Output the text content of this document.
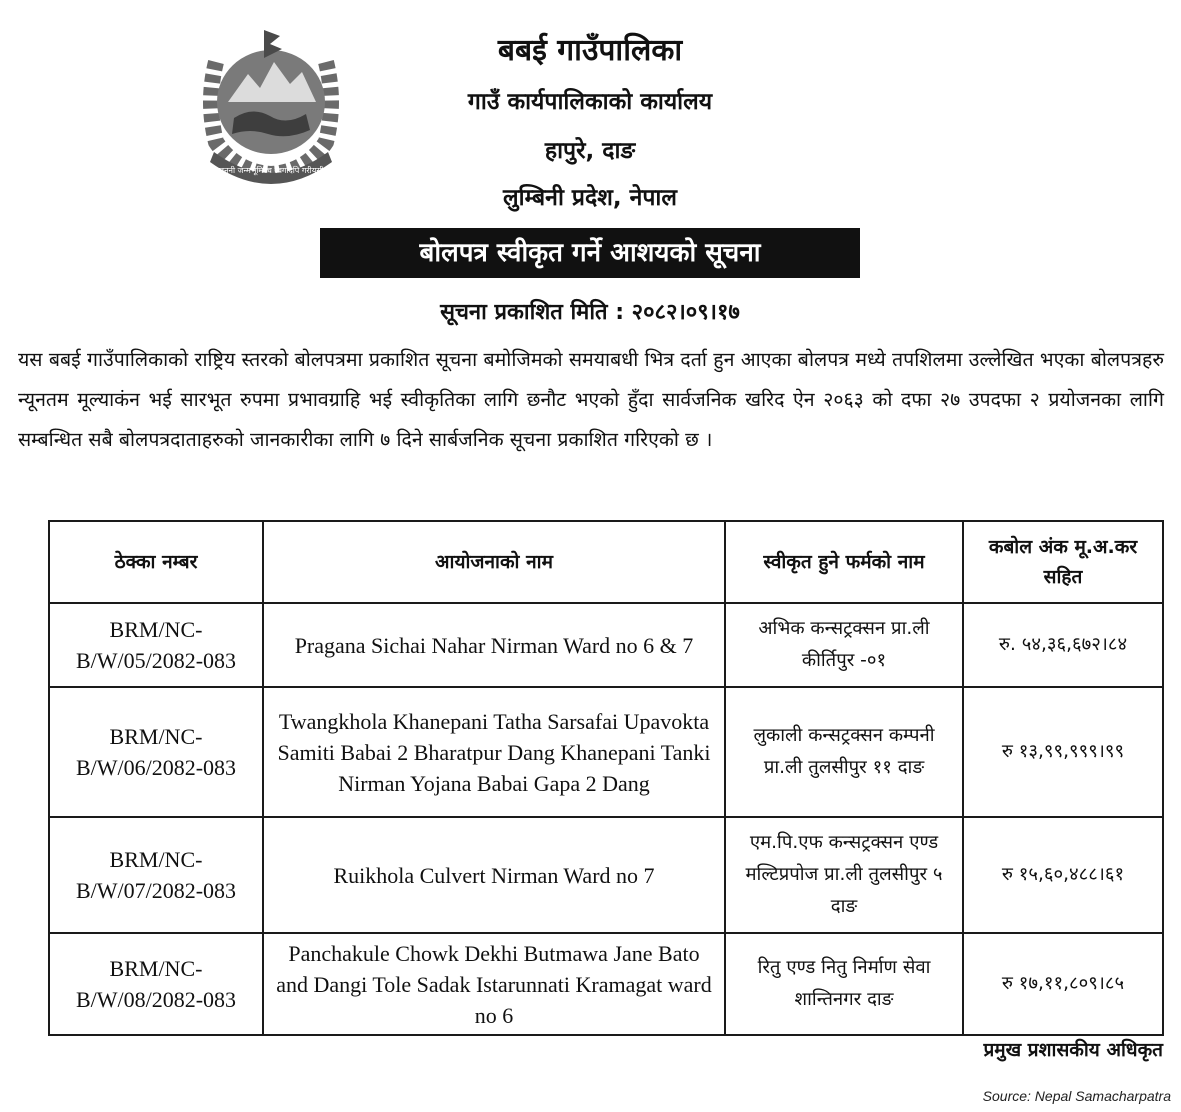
जननी जन्मभूमिश्च स्वर्गादपि गरीयसी
बबई गाउँपालिका
गाउँ कार्यपालिकाको कार्यालय
हापुरे, दाङ
लुम्बिनी प्रदेश, नेपाल
बोलपत्र स्वीकृत गर्ने आशयको सूचना
सूचना प्रकाशित मिति : २०८२।०९।१७
यस बबई गाउँपालिकाको राष्ट्रिय स्तरको बोलपत्रमा प्रकाशित सूचना बमोजिमको समयाबधी भित्र दर्ता हुन आएका बोलपत्र मध्ये तपशिलमा उल्लेखित भएका बोलपत्रहरु न्यूनतम मूल्याकंन भई सारभूत रुपमा प्रभावग्राहि भई स्वीकृतिका लागि छनौट भएको हुँदा सार्वजनिक खरिद ऐन २०६३ को दफा २७ उपदफा २ प्रयोजनका लागि सम्बन्धित सबै बोलपत्रदाताहरुको जानकारीका लागि ७ दिने सार्बजनिक सूचना प्रकाशित गरिएको छ ।
ठेक्का नम्बर	आयोजनाको नाम	स्वीकृत हुने फर्मको नाम	कबोल अंक मू.अ.कर सहित
BRM/NC-B/W/05/2082-083	Pragana Sichai Nahar Nirman Ward no 6 & 7	अभिक कन्सट्रक्सन प्रा.ली कीर्तिपुर -०१	रु. ५४,३६,६७२।८४
BRM/NC-B/W/06/2082-083	Twangkhola Khanepani Tatha Sarsafai Upavokta Samiti Babai 2 Bharatpur Dang Khanepani Tanki Nirman Yojana Babai Gapa 2 Dang	लुकाली कन्सट्रक्सन कम्पनी प्रा.ली तुलसीपुर ११ दाङ	रु १३,९९,९९९।९९
BRM/NC-B/W/07/2082-083	Ruikhola Culvert Nirman Ward no 7	एम.पि.एफ कन्सट्रक्सन एण्ड मल्टिप्रपोज प्रा.ली तुलसीपुर ५ दाङ	रु १५,६०,४८८।६१
BRM/NC-B/W/08/2082-083	Panchakule Chowk Dekhi Butmawa Jane Bato and Dangi Tole Sadak Istarunnati Kramagat ward no 6	रितु एण्ड नितु निर्माण सेवा शान्तिनगर दाङ	रु १७,११,८०९।८५
प्रमुख प्रशासकीय अधिकृत
Source: Nepal Samacharpatra
